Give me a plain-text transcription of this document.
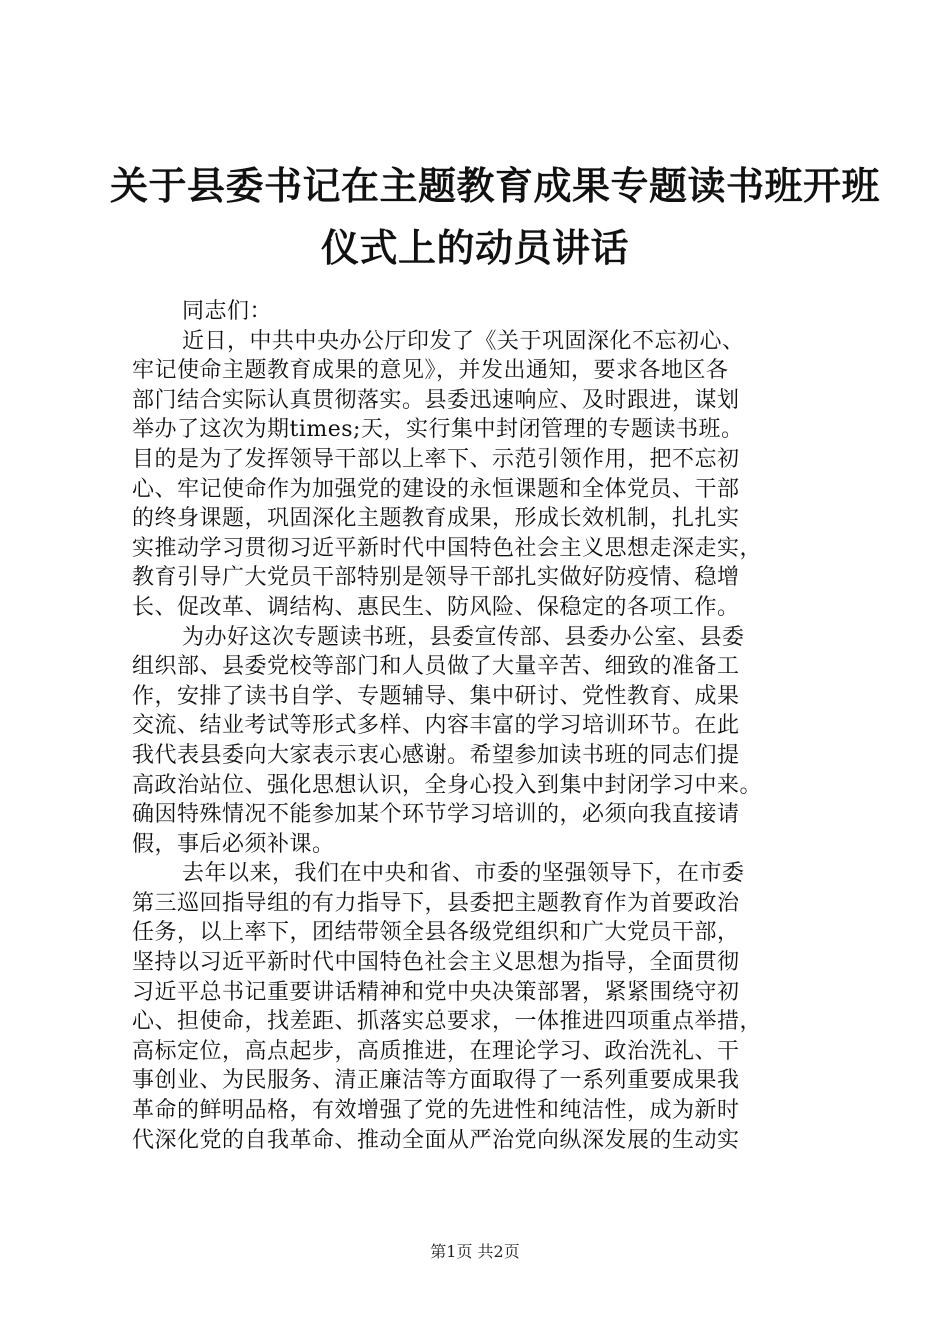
关于县委书记在主题教育成果专题读书班开班
仪式上的动员讲话
同志们：
近日，中共中央办公厅印发了《关于巩固深化不忘初心、
牢记使命主题教育成果的意见》，并发出通知，要求各地区各
部门结合实际认真贯彻落实。县委迅速响应、及时跟进，谋划
举办了这次为期times;天，实行集中封闭管理的专题读书班。
目的是为了发挥领导干部以上率下、示范引领作用，把不忘初
心、牢记使命作为加强党的建设的永恒课题和全体党员、干部
的终身课题，巩固深化主题教育成果，形成长效机制，扎扎实
实推动学习贯彻习近平新时代中国特色社会主义思想走深走实，
教育引导广大党员干部特别是领导干部扎实做好防疫情、稳增
长、促改革、调结构、惠民生、防风险、保稳定的各项工作。
为办好这次专题读书班，县委宣传部、县委办公室、县委
组织部、县委党校等部门和人员做了大量辛苦、细致的准备工
作，安排了读书自学、专题辅导、集中研讨、党性教育、成果
交流、结业考试等形式多样、内容丰富的学习培训环节。在此
我代表县委向大家表示衷心感谢。希望参加读书班的同志们提
高政治站位、强化思想认识，全身心投入到集中封闭学习中来。
确因特殊情况不能参加某个环节学习培训的，必须向我直接请
假，事后必须补课。
去年以来，我们在中央和省、市委的坚强领导下，在市委
第三巡回指导组的有力指导下，县委把主题教育作为首要政治
任务，以上率下，团结带领全县各级党组织和广大党员干部，
坚持以习近平新时代中国特色社会主义思想为指导，全面贯彻
习近平总书记重要讲话精神和党中央决策部署，紧紧围绕守初
心、担使命，找差距、抓落实总要求，一体推进四项重点举措，
高标定位，高点起步，高质推进，在理论学习、政治洗礼、干
事创业、为民服务、清正廉洁等方面取得了一系列重要成果我
革命的鲜明品格，有效增强了党的先进性和纯洁性，成为新时
代深化党的自我革命、推动全面从严治党向纵深发展的生动实
第1页 共2页
